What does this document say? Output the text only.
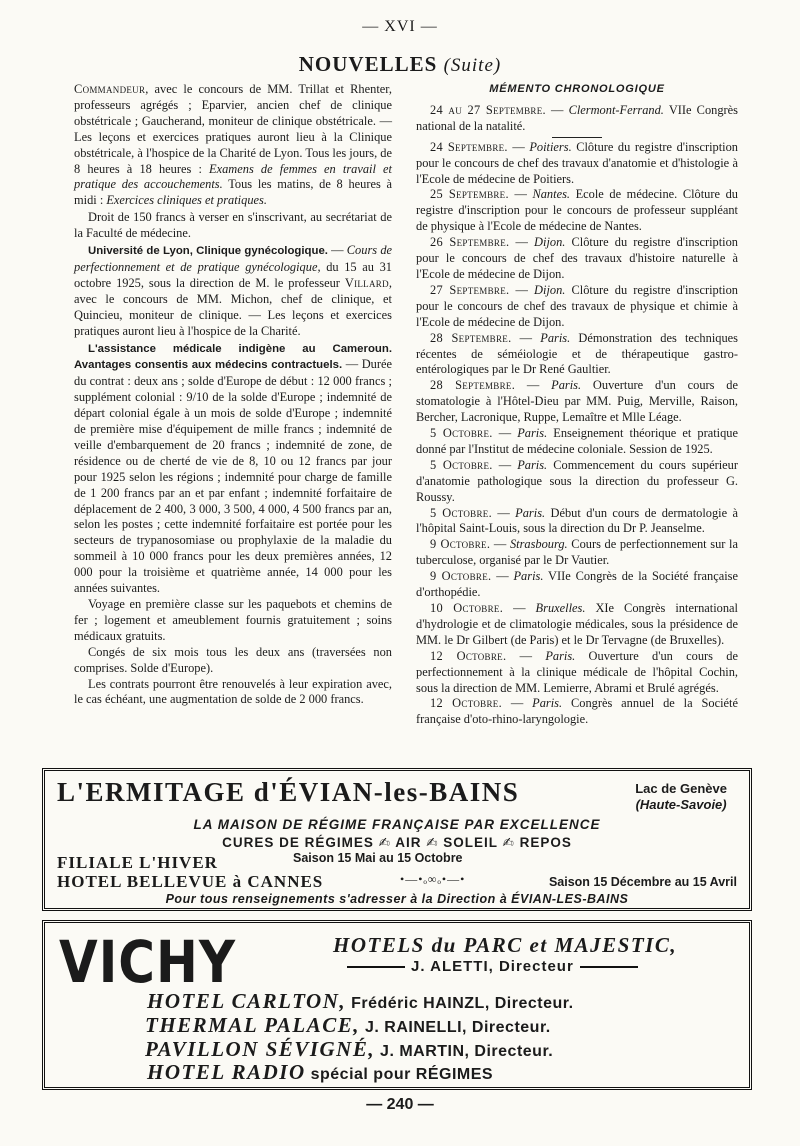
— XVI —
NOUVELLES (Suite)

Commandeur, avec le concours de MM. Trillat et Rhenter, professeurs agrégés ; Eparvier, ancien chef de clinique obstétricale ; Gaucherand, moniteur de clinique obstétricale. — Les leçons et exercices pratiques auront lieu à la Clinique obstétricale, à l'hospice de la Charité de Lyon. Tous les jours, de 8 heures à 18 heures : Examens de femmes en travail et pratique des accouchements. Tous les matins, de 8 heures à midi : Exercices cliniques et pratiques.

Droit de 150 francs à verser en s'inscrivant, au secrétariat de la Faculté de médecine.

Université de Lyon, Clinique gynécologique. — Cours de perfectionnement et de pratique gynécologique, du 15 au 31 octobre 1925, sous la direction de M. le professeur Villard, avec le concours de MM. Michon, chef de clinique, et Quincieu, moniteur de clinique. — Les leçons et exercices pratiques auront lieu à l'hospice de la Charité.

L'assistance médicale indigène au Cameroun. Avantages consentis aux médecins contractuels. — Durée du contrat : deux ans ; solde d'Europe de début : 12 000 francs ; supplément colonial : 9/10 de la solde d'Europe ; indemnité de départ colonial égale à un mois de solde d'Europe ; indemnité de première mise d'équipement de mille francs ; indemnité de veille d'embarquement de 20 francs ; indemnité de zone, de résidence ou de cherté de vie de 8, 10 ou 12 francs par jour pour 1925 selon les régions ; indemnité pour charge de famille de 1 200 francs par an et par enfant ; indemnité forfaitaire de déplacement de 2 400, 3 000, 3 500, 4 000, 4 500 francs par an, selon les postes ; cette indemnité forfaitaire est portée pour les secteurs de trypanosomiase ou prophylaxie de la maladie du sommeil à 10 000 francs pour les deux premières années, 12 000 pour la troisième et quatrième année, 14 000 pour les années suivantes.

Voyage en première classe sur les paquebots et chemins de fer ; logement et ameublement fournis gratuitement ; soins médicaux gratuits.

Congés de six mois tous les deux ans (traversées non comprises. Solde d'Europe).

Les contrats pourront être renouvelés à leur expiration avec, le cas échéant, une augmentation de solde de 2 000 francs.

MÉMENTO CHRONOLOGIQUE

24 au 27 Septembre. — Clermont-Ferrand. VIIe Congrès national de la natalité.

24 Septembre. — Poitiers. Clôture du registre d'inscription pour le concours de chef des travaux d'anatomie et d'histologie à l'Ecole de médecine de Poitiers.

25 Septembre. — Nantes. Ecole de médecine. Clôture du registre d'inscription pour le concours de professeur suppléant de physique à l'Ecole de médecine de Nantes.

26 Septembre. — Dijon. Clôture du registre d'inscription pour le concours de chef des travaux d'histoire naturelle à l'Ecole de médecine de Dijon.

27 Septembre. — Dijon. Clôture du registre d'inscription pour le concours de chef des travaux de physique et chimie à l'Ecole de médecine de Dijon.

28 Septembre. — Paris. Démonstration des techniques récentes de séméiologie et de thérapeutique gastro-entérologiques par le Dr René Gaultier.

28 Septembre. — Paris. Ouverture d'un cours de stomatologie à l'Hôtel-Dieu par MM. Puig, Merville, Raison, Bercher, Lacronique, Ruppe, Lemaître et Mlle Léage.

5 Octobre. — Paris. Enseignement théorique et pratique donné par l'Institut de médecine coloniale. Session de 1925.

5 Octobre. — Paris. Commencement du cours supérieur d'anatomie pathologique sous la direction du professeur G. Roussy.

5 Octobre. — Paris. Début d'un cours de dermatologie à l'hôpital Saint-Louis, sous la direction du Dr P. Jeanselme.

9 Octobre. — Strasbourg. Cours de perfectionnement sur la tuberculose, organisé par le Dr Vautier.

9 Octobre. — Paris. VIIe Congrès de la Société française d'orthopédie.

10 Octobre. — Bruxelles. XIe Congrès international d'hydrologie et de climatologie médicales, sous la présidence de MM. le Dr Gilbert (de Paris) et le Dr Tervagne (de Bruxelles).

12 Octobre. — Paris. Ouverture d'un cours de perfectionnement à la clinique médicale de l'hôpital Cochin, sous la direction de MM. Lemierre, Abrami et Brulé agrégés.

12 Octobre. — Paris. Congrès annuel de la Société française d'oto-rhino-laryngologie.

L'ERMITAGE d'ÉVIAN-les-BAINS	Lac de Genève
(Haute-Savoie)
LA MAISON DE RÉGIME FRANÇAISE PAR EXCELLENCE
CURES DE RÉGIMES ✍ AIR ✍ SOLEIL ✍ REPOS
FILIALE L'HIVER	Saison 15 Mai au 15 Octobre
HOTEL BELLEVUE à CANNES	•—•ₒ∞ₒ•—•	Saison 15 Décembre au 15 Avril
Pour tous renseignements s'adresser à la Direction à ÉVIAN-LES-BAINS
VICHY	HOTELS du PARC et MAJESTIC,
J. ALETTI, Directeur
HOTEL CARLTON, Frédéric HAINZL, Directeur.
THERMAL PALACE, J. RAINELLI, Directeur.
PAVILLON SÉVIGNÉ, J. MARTIN, Directeur.
HOTEL RADIO spécial pour RÉGIMES
— 240 —
